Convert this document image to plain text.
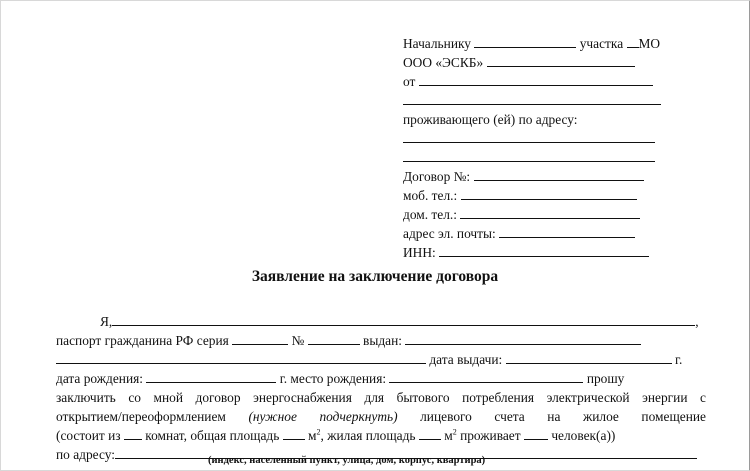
Начальнику	участка МО
ООО «ЭСКБ»
от
проживающего (ей) по адресу:
Договор №:
моб. тел.:
дом. тел.:
адрес эл. почты:
ИНН:
Заявление на заключение договора
Я,	,
паспорт гражданина РФ серия	№	выдан:
дата выдачи:	г.
дата рождения:	г. место рождения:	прошу
заключить со мной договор энергоснабжения для бытового потребления электрической энергии с
открытием/переоформлением (нужное подчеркнуть) лицевого счета на жилое помещение
(состоит из комнат, общая площадь $м^2$, жилая площадь $м^2$ проживает человек(а))
по адресу:	(индекс, населенный пункт, улица, дом, корпус, квартира)
